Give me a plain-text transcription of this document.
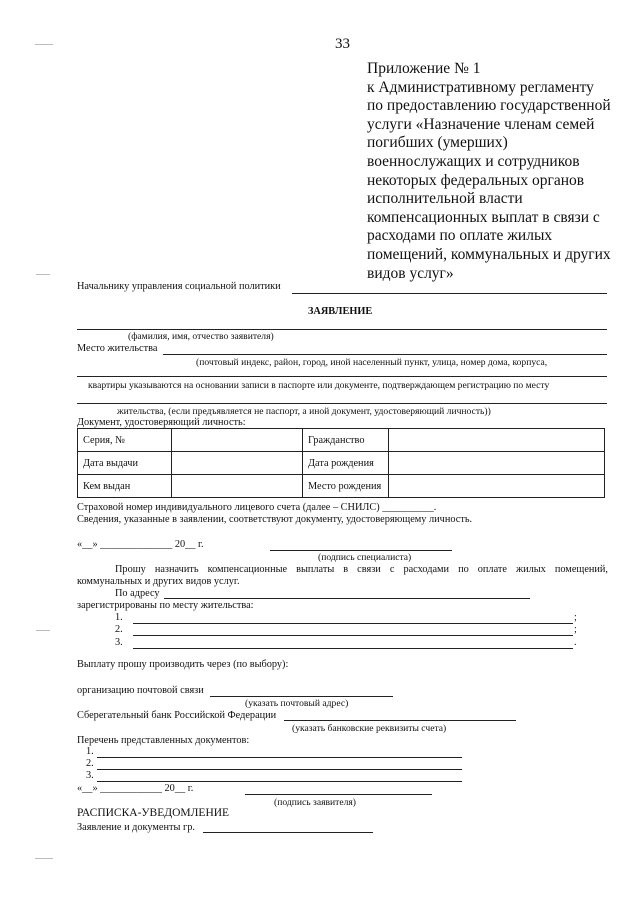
33
Приложение № 1
к Административному регламенту
по предоставлению государственной
услуги «Назначение членам семей
погибших (умерших)
военнослужащих и сотрудников
некоторых федеральных органов
исполнительной власти
компенсационных выплат в связи с
расходами по оплате жилых
помещений, коммунальных и других
видов услуг»
Начальнику управления социальной политики
ЗАЯВЛЕНИЕ
(фамилия, имя, отчество заявителя)
Место жительства
(почтовый индекс, район, город, иной населенный пункт, улица, номер дома, корпуса,
квартиры указываются на основании записи в паспорте или документе, подтверждающем регистрацию по месту
жительства, (если предъявляется не паспорт, а иной документ, удостоверяющий личность))
Документ, удостоверяющий личность:
Серия, №		Гражданство	
Дата выдачи		Дата рождения	
Кем выдан		Место рождения	
Страховой номер индивидуального лицевого счета (далее – СНИЛС) __________.
Сведения, указанные в заявлении, соответствуют документу, удостоверяющему личность.
«__» ______________ 20__ г.
(подпись специалиста)
Прошу назначить компенсационные выплаты в связи с расходами по оплате жилых помещений,
коммунальных и других видов услуг.
По адресу
зарегистрированы по месту жительства:
1.	;
2.	;
3.	.
Выплату прошу производить через (по выбору):
организацию почтовой связи
(указать почтовый адрес)
Сберегательный банк Российской Федерации
(указать банковские реквизиты счета)
Перечень представленных документов:
1.
2.
3.
«__» ____________ 20__ г.
(подпись заявителя)
РАСПИСКА-УВЕДОМЛЕНИЕ
Заявление и документы гр.
